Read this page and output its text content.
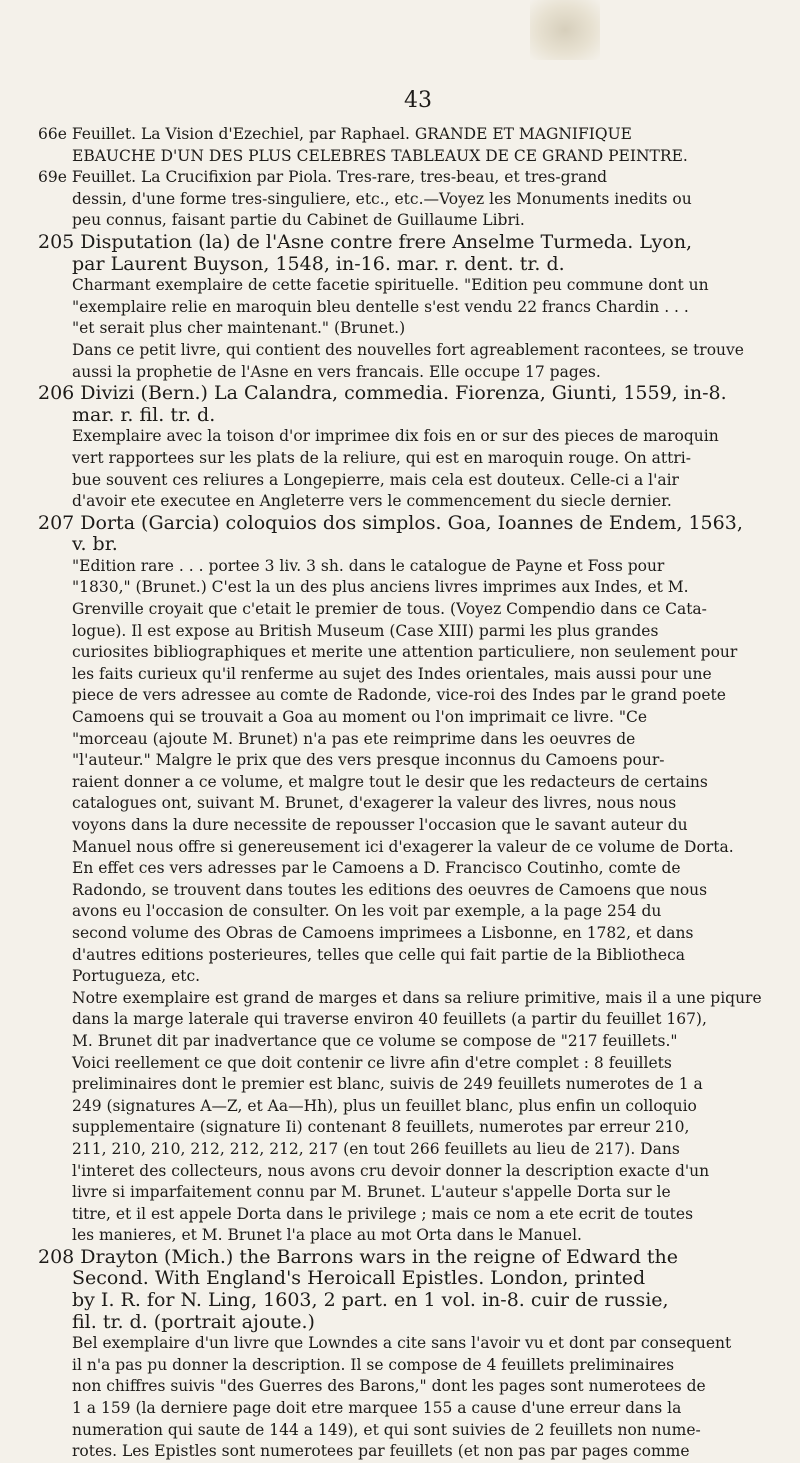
43
66e Feuillet. La Vision d'Ezechiel, par Raphael. GRANDE ET MAGNIFIQUE
EBAUCHE D'UN DES PLUS CELEBRES TABLEAUX DE CE GRAND PEINTRE.
69e Feuillet. La Crucifixion par Piola. Tres-rare, tres-beau, et tres-grand
dessin, d'une forme tres-singuliere, etc., etc.—Voyez les Monuments inedits ou
peu connus, faisant partie du Cabinet de Guillaume Libri.
205 Disputation (la) de l'Asne contre frere Anselme Turmeda. Lyon,
par Laurent Buyson, 1548, in-16. mar. r. dent. tr. d.
Charmant exemplaire de cette facetie spirituelle. "Edition peu commune dont un
"exemplaire relie en maroquin bleu dentelle s'est vendu 22 francs Chardin . . .
"et serait plus cher maintenant." (Brunet.)
Dans ce petit livre, qui contient des nouvelles fort agreablement racontees, se trouve
aussi la prophetie de l'Asne en vers francais. Elle occupe 17 pages.
206 Divizi (Bern.) La Calandra, commedia. Fiorenza, Giunti, 1559, in-8.
mar. r. fil. tr. d.
Exemplaire avec la toison d'or imprimee dix fois en or sur des pieces de maroquin
vert rapportees sur les plats de la reliure, qui est en maroquin rouge. On attri-
bue souvent ces reliures a Longepierre, mais cela est douteux. Celle-ci a l'air
d'avoir ete executee en Angleterre vers le commencement du siecle dernier.
207 Dorta (Garcia) coloquios dos simplos. Goa, Ioannes de Endem, 1563,
v. br.
"Edition rare . . . portee 3 liv. 3 sh. dans le catalogue de Payne et Foss pour
"1830," (Brunet.) C'est la un des plus anciens livres imprimes aux Indes, et M.
Grenville croyait que c'etait le premier de tous. (Voyez Compendio dans ce Cata-
logue). Il est expose au British Museum (Case XIII) parmi les plus grandes
curiosites bibliographiques et merite une attention particuliere, non seulement pour
les faits curieux qu'il renferme au sujet des Indes orientales, mais aussi pour une
piece de vers adressee au comte de Radonde, vice-roi des Indes par le grand poete
Camoens qui se trouvait a Goa au moment ou l'on imprimait ce livre. "Ce
"morceau (ajoute M. Brunet) n'a pas ete reimprime dans les oeuvres de
"l'auteur." Malgre le prix que des vers presque inconnus du Camoens pour-
raient donner a ce volume, et malgre tout le desir que les redacteurs de certains
catalogues ont, suivant M. Brunet, d'exagerer la valeur des livres, nous nous
voyons dans la dure necessite de repousser l'occasion que le savant auteur du
Manuel nous offre si genereusement ici d'exagerer la valeur de ce volume de Dorta.
En effet ces vers adresses par le Camoens a D. Francisco Coutinho, comte de
Radondo, se trouvent dans toutes les editions des oeuvres de Camoens que nous
avons eu l'occasion de consulter. On les voit par exemple, a la page 254 du
second volume des Obras de Camoens imprimees a Lisbonne, en 1782, et dans
d'autres editions posterieures, telles que celle qui fait partie de la Bibliotheca
Portugueza, etc.
Notre exemplaire est grand de marges et dans sa reliure primitive, mais il a une piqure
dans la marge laterale qui traverse environ 40 feuillets (a partir du feuillet 167),
M. Brunet dit par inadvertance que ce volume se compose de "217 feuillets."
Voici reellement ce que doit contenir ce livre afin d'etre complet : 8 feuillets
preliminaires dont le premier est blanc, suivis de 249 feuillets numerotes de 1 a
249 (signatures A—Z, et Aa—Hh), plus un feuillet blanc, plus enfin un colloquio
supplementaire (signature Ii) contenant 8 feuillets, numerotes par erreur 210,
211, 210, 210, 212, 212, 212, 217 (en tout 266 feuillets au lieu de 217). Dans
l'interet des collecteurs, nous avons cru devoir donner la description exacte d'un
livre si imparfaitement connu par M. Brunet. L'auteur s'appelle Dorta sur le
titre, et il est appele Dorta dans le privilege ; mais ce nom a ete ecrit de toutes
les manieres, et M. Brunet l'a place au mot Orta dans le Manuel.
208 Drayton (Mich.) the Barrons wars in the reigne of Edward the
Second. With England's Heroicall Epistles. London, printed
by I. R. for N. Ling, 1603, 2 part. en 1 vol. in-8. cuir de russie,
fil. tr. d. (portrait ajoute.)
Bel exemplaire d'un livre que Lowndes a cite sans l'avoir vu et dont par consequent
il n'a pas pu donner la description. Il se compose de 4 feuillets preliminaires
non chiffres suivis "des Guerres des Barons," dont les pages sont numerotees de
1 a 159 (la derniere page doit etre marquee 155 a cause d'une erreur dans la
numeration qui saute de 144 a 149), et qui sont suivies de 2 feuillets non nume-
rotes. Les Epistles sont numerotees par feuillets (et non pas par pages comme
